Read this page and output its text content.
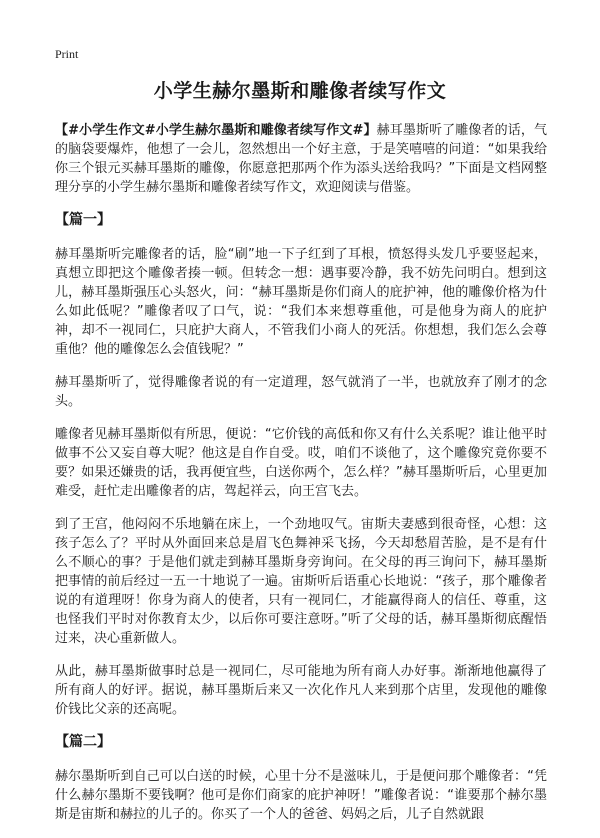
Print
小学生赫尔墨斯和雕像者续写作文

【#小学生作文#小学生赫尔墨斯和雕像者续写作文#】赫耳墨斯听了雕像者的话，气的脑袋要爆炸，他想了一会儿，忽然想出一个好主意，于是笑嘻嘻的问道：“如果我给你三个银元买赫耳墨斯的雕像，你愿意把那两个作为添头送给我吗？”下面是文档网整理分享的小学生赫尔墨斯和雕像者续写作文，欢迎阅读与借鉴。

【篇一】

赫耳墨斯听完雕像者的话，脸“刷”地一下子红到了耳根，愤怒得头发几乎要竖起来，真想立即把这个雕像者揍一顿。但转念一想：遇事要冷静，我不妨先问明白。想到这儿，赫耳墨斯强压心头怒火，问：“赫耳墨斯是你们商人的庇护神，他的雕像价格为什么如此低呢？”雕像者叹了口气，说：“我们本来想尊重他，可是他身为商人的庇护神，却不一视同仁，只庇护大商人，不管我们小商人的死活。你想想，我们怎么会尊重他？他的雕像怎么会值钱呢？”

赫耳墨斯听了，觉得雕像者说的有一定道理，怒气就消了一半，也就放弃了刚才的念头。

雕像者见赫耳墨斯似有所思，便说：“它价钱的高低和你又有什么关系呢？谁让他平时做事不公又妄自尊大呢？他这是自作自受。哎，咱们不谈他了，这个雕像究竟你要不要？如果还嫌贵的话，我再便宜些，白送你两个，怎么样？”赫耳墨斯听后，心里更加难受，赶忙走出雕像者的店，驾起祥云，向王宫飞去。

到了王宫，他闷闷不乐地躺在床上，一个劲地叹气。宙斯夫妻感到很奇怪，心想：这孩子怎么了？平时从外面回来总是眉飞色舞神采飞扬，今天却愁眉苦脸，是不是有什么不顺心的事？于是他们就走到赫耳墨斯身旁询问。在父母的再三询问下，赫耳墨斯把事情的前后经过一五一十地说了一遍。宙斯听后语重心长地说：“孩子，那个雕像者说的有道理呀！你身为商人的使者，只有一视同仁，才能赢得商人的信任、尊重，这也怪我们平时对你教育太少，以后你可要注意呀。”听了父母的话，赫耳墨斯彻底醒悟过来，决心重新做人。

从此，赫耳墨斯做事时总是一视同仁，尽可能地为所有商人办好事。渐渐地他赢得了所有商人的好评。据说，赫耳墨斯后来又一次化作凡人来到那个店里，发现他的雕像价钱比父亲的还高呢。

【篇二】

赫尔墨斯听到自己可以白送的时候，心里十分不是滋味儿，于是便问那个雕像者：“凭什么赫尔墨斯不要钱啊？他可是你们商家的庇护神呀！”雕像者说：“谁要那个赫尔墨斯是宙斯和赫拉的儿子的。你买了一个人的爸爸、妈妈之后，儿子自然就跟
